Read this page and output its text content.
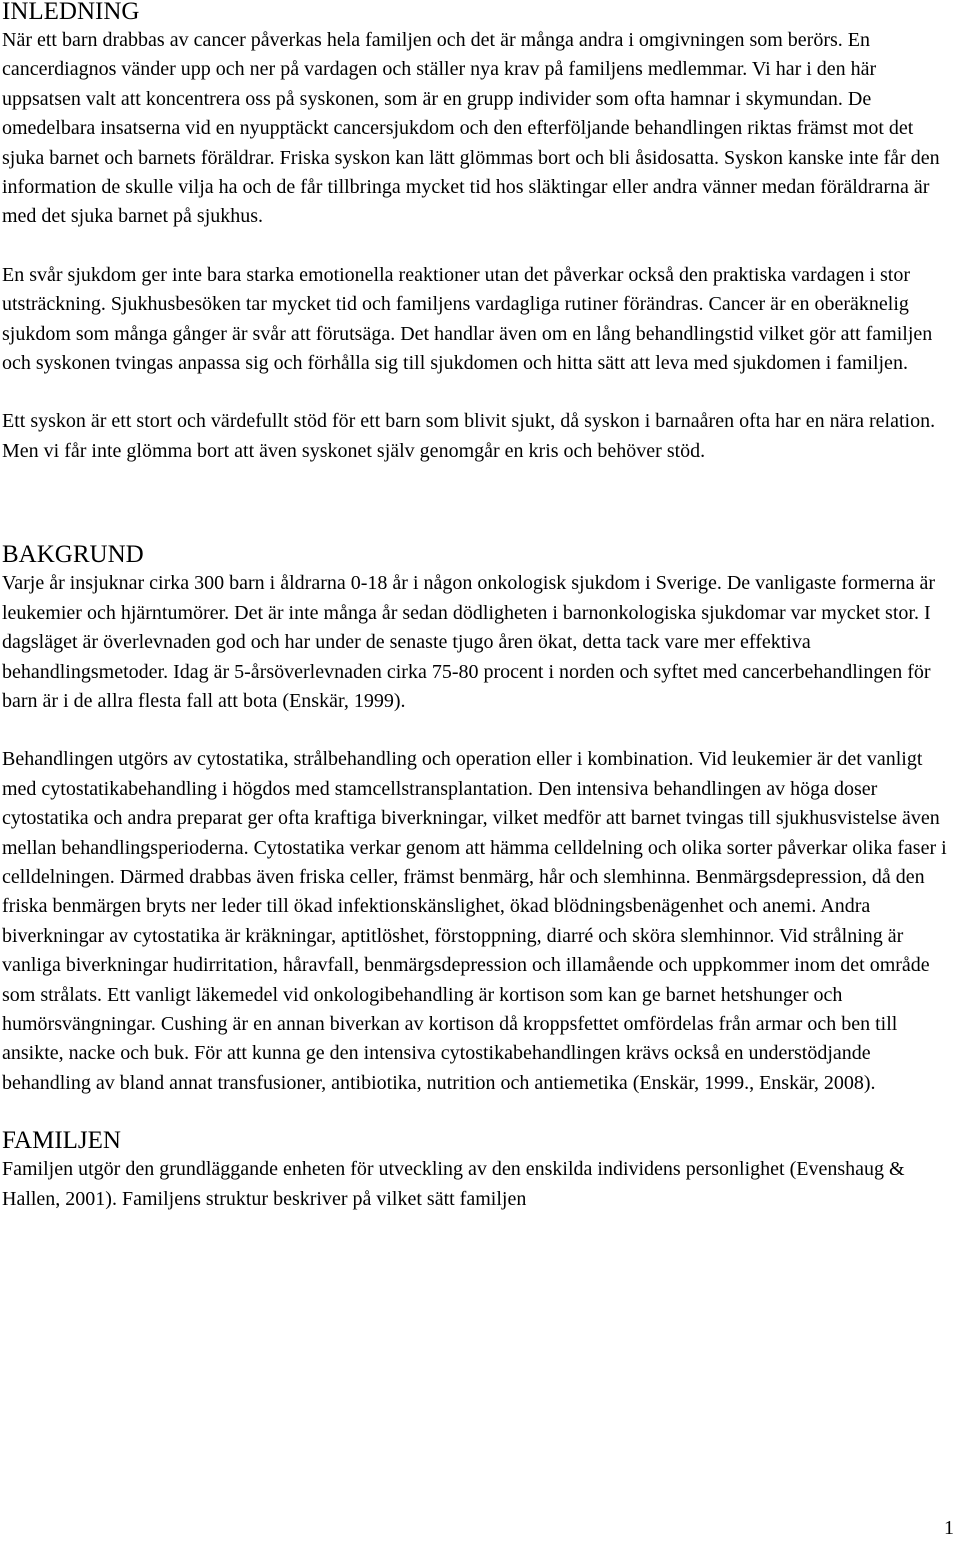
INLEDNING

När ett barn drabbas av cancer påverkas hela familjen och det är många andra i omgivningen som berörs. En cancerdiagnos vänder upp och ner på vardagen och ställer nya krav på familjens medlemmar. Vi har i den här uppsatsen valt att koncentrera oss på syskonen, som är en grupp individer som ofta hamnar i skymundan. De omedelbara insatserna vid en nyupptäckt cancersjukdom och den efterföljande behandlingen riktas främst mot det sjuka barnet och barnets föräldrar. Friska syskon kan lätt glömmas bort och bli åsidosatta. Syskon kanske inte får den information de skulle vilja ha och de får tillbringa mycket tid hos släktingar eller andra vänner medan föräldrarna är med det sjuka barnet på sjukhus.

En svår sjukdom ger inte bara starka emotionella reaktioner utan det påverkar också den praktiska vardagen i stor utsträckning. Sjukhusbesöken tar mycket tid och familjens vardagliga rutiner förändras. Cancer är en oberäknelig sjukdom som många gånger är svår att förutsäga. Det handlar även om en lång behandlingstid vilket gör att familjen och syskonen tvingas anpassa sig och förhålla sig till sjukdomen och hitta sätt att leva med sjukdomen i familjen.

Ett syskon är ett stort och värdefullt stöd för ett barn som blivit sjukt, då syskon i barnaåren ofta har en nära relation. Men vi får inte glömma bort att även syskonet själv genomgår en kris och behöver stöd.

BAKGRUND

Varje år insjuknar cirka 300 barn i åldrarna 0-18 år i någon onkologisk sjukdom i Sverige. De vanligaste formerna är leukemier och hjärntumörer. Det är inte många år sedan dödligheten i barnonkologiska sjukdomar var mycket stor. I dagsläget är överlevnaden god och har under de senaste tjugo åren ökat, detta tack vare mer effektiva behandlingsmetoder. Idag är 5-årsöverlevnaden cirka 75-80 procent i norden och syftet med cancerbehandlingen för barn är i de allra flesta fall att bota (Enskär, 1999).

Behandlingen utgörs av cytostatika, strålbehandling och operation eller i kombination. Vid leukemier är det vanligt med cytostatikabehandling i högdos med stamcellstransplantation. Den intensiva behandlingen av höga doser cytostatika och andra preparat ger ofta kraftiga biverkningar, vilket medför att barnet tvingas till sjukhusvistelse även mellan behandlingsperioderna. Cytostatika verkar genom att hämma celldelning och olika sorter påverkar olika faser i celldelningen. Därmed drabbas även friska celler, främst benmärg, hår och slemhinna. Benmärgsdepression, då den friska benmärgen bryts ner leder till ökad infektionskänslighet, ökad blödningsbenägenhet och anemi. Andra biverkningar av cytostatika är kräkningar, aptitlöshet, förstoppning, diarré och sköra slemhinnor. Vid strålning är vanliga biverkningar hudirritation, håravfall, benmärgsdepression och illamående och uppkommer inom det område som strålats. Ett vanligt läkemedel vid onkologibehandling är kortison som kan ge barnet hetshunger och humörsvängningar. Cushing är en annan biverkan av kortison då kroppsfettet omfördelas från armar och ben till ansikte, nacke och buk. För att kunna ge den intensiva cytostikabehandlingen krävs också en understödjande behandling av bland annat transfusioner, antibiotika, nutrition och antiemetika (Enskär, 1999., Enskär, 2008).

FAMILJEN

Familjen utgör den grundläggande enheten för utveckling av den enskilda individens personlighet (Evenshaug & Hallen, 2001). Familjens struktur beskriver på vilket sätt familjen

1
